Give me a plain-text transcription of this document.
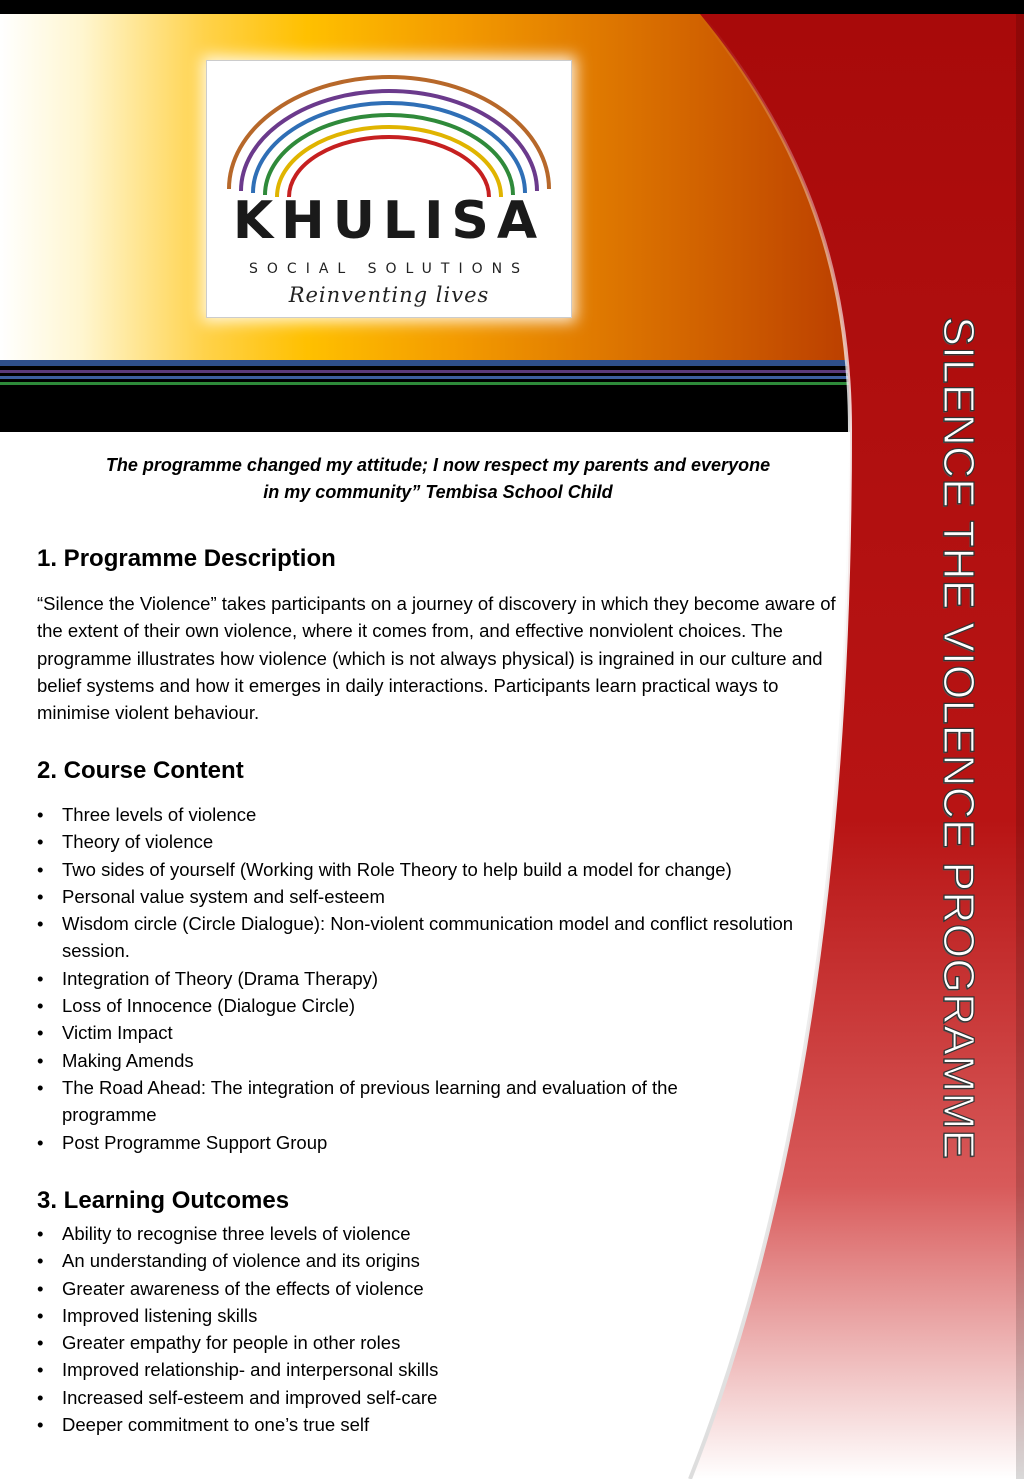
SILENCE THE VIOLENCE PROGRAMME
KHULISA
SOCIAL SOLUTIONS
Reinventing lives
The programme changed my attitude; I now respect my parents and everyone in my community” Tembisa School Child
1. Programme Description
“Silence the Violence” takes participants on a journey of discovery in which they become aware of the extent of their own violence, where it comes from, and effective nonviolent choices. The programme illustrates how violence (which is not always physical) is ingrained in our culture and belief systems and how it emerges in daily interactions. Participants learn practical ways to minimise violent behaviour.
2. Course Content
• Three levels of violence
• Theory of violence
• Two sides of yourself (Working with Role Theory to help build a model for change)
• Personal value system and self-esteem
• Wisdom circle (Circle Dialogue): Non-violent communication model and conflict resolution session.
• Integration of Theory (Drama Therapy)
• Loss of Innocence (Dialogue Circle)
• Victim Impact
• Making Amends
• The Road Ahead: The integration of previous learning and evaluation of the programme
• Post Programme Support Group
3. Learning Outcomes
• Ability to recognise three levels of violence
• An understanding of violence and its origins
• Greater awareness of the effects of violence
• Improved listening skills
• Greater empathy for people in other roles
• Improved relationship- and interpersonal skills
• Increased self-esteem and improved self-care
• Deeper commitment to one’s true self
